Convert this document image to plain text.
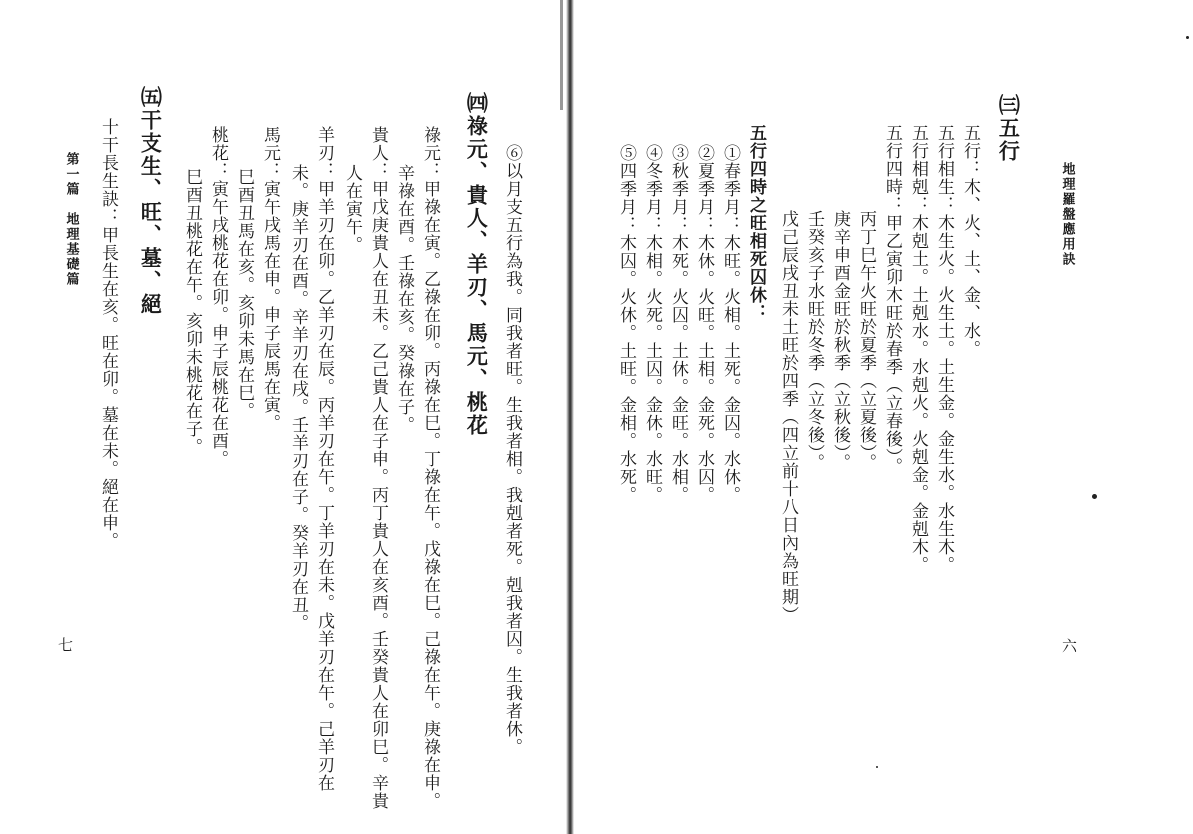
地理羅盤應用訣
㈢五行
五行：木、火、土、金、水。
五行相生：木生火。火生土。土生金。金生水。水生木。
五行相剋：木剋土。土剋水。水剋火。火剋金。金剋木。
五行四時：甲乙寅卯木旺於春季（立春後）。
丙丁巳午火旺於夏季（立夏後）。
庚辛申酉金旺於秋季（立秋後）。
壬癸亥子水旺於冬季（立冬後）。
戊己辰戌丑未土旺於四季（四立前十八日內為旺期）
五行四時之旺相死囚休：
①春季月：木旺。火相。土死。金囚。水休。
②夏季月：木休。火旺。土相。金死。水囚。
③秋季月：木死。火囚。土休。金旺。水相。
④冬季月：木相。火死。土囚。金休。水旺。
⑤四季月：木囚。火休。土旺。金相。水死。
六
⑥以月支五行為我。同我者旺。生我者相。我剋者死。剋我者囚。生我者休。
㈣祿元、貴人、羊刃、馬元、桃花
祿元：甲祿在寅。乙祿在卯。丙祿在巳。丁祿在午。戊祿在巳。己祿在午。庚祿在申。
辛祿在酉。壬祿在亥。癸祿在子。
貴人：甲戊庚貴人在丑未。乙己貴人在子申。丙丁貴人在亥酉。壬癸貴人在卯巳。辛貴
人在寅午。
羊刃：甲羊刃在卯。乙羊刃在辰。丙羊刃在午。丁羊刃在未。戊羊刃在午。己羊刃在
未。庚羊刃在酉。辛羊刃在戌。壬羊刃在子。癸羊刃在丑。
馬元：寅午戌馬在申。申子辰馬在寅。
巳酉丑馬在亥。亥卯未馬在巳。
桃花：寅午戌桃花在卯。申子辰桃花在酉。
巳酉丑桃花在午。亥卯未桃花在子。
㈤干支生、旺、墓、絕
十干長生訣：甲長生在亥。旺在卯。墓在未。絕在申。
第一篇　地理基礎篇
七
